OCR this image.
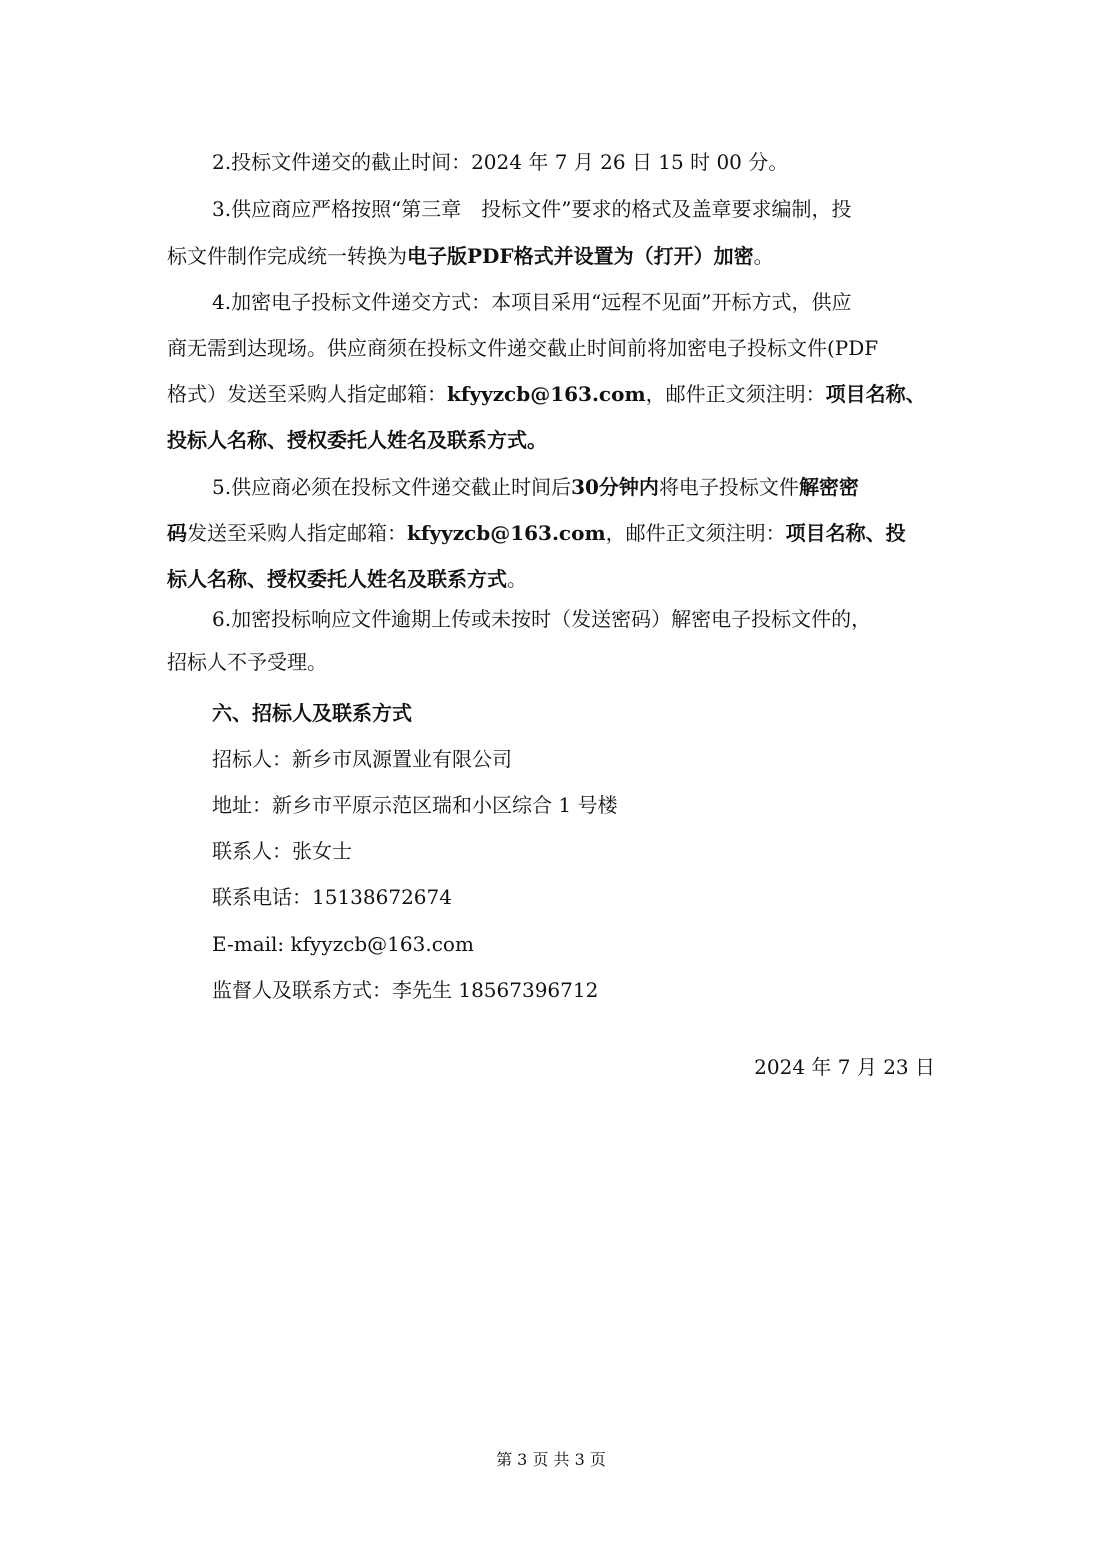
2.投标文件递交的截止时间：2024 年 7 月 26 日 15 时 00 分。
3.供应商应严格按照“第三章　投标文件”要求的格式及盖章要求编制，投
标文件制作完成统一转换为电子版PDF格式并设置为（打开）加密。
4.加密电子投标文件递交方式：本项目采用“远程不见面”开标方式，供应
商无需到达现场。供应商须在投标文件递交截止时间前将加密电子投标文件(PDF
格式）发送至采购人指定邮箱：kfyyzcb@163.com，邮件正文须注明：项目名称、
投标人名称、授权委托人姓名及联系方式。
5.供应商必须在投标文件递交截止时间后30分钟内将电子投标文件解密密
码发送至采购人指定邮箱：kfyyzcb@163.com，邮件正文须注明：项目名称、投
标人名称、授权委托人姓名及联系方式。
6.加密投标响应文件逾期上传或未按时（发送密码）解密电子投标文件的，
招标人不予受理。
六、招标人及联系方式
招标人：新乡市凤源置业有限公司
地址：新乡市平原示范区瑞和小区综合 1 号楼
联系人：张女士
联系电话：15138672674
E-mail: kfyyzcb@163.com
监督人及联系方式：李先生 18567396712
2024 年 7 月 23 日
第 3 页 共 3 页
